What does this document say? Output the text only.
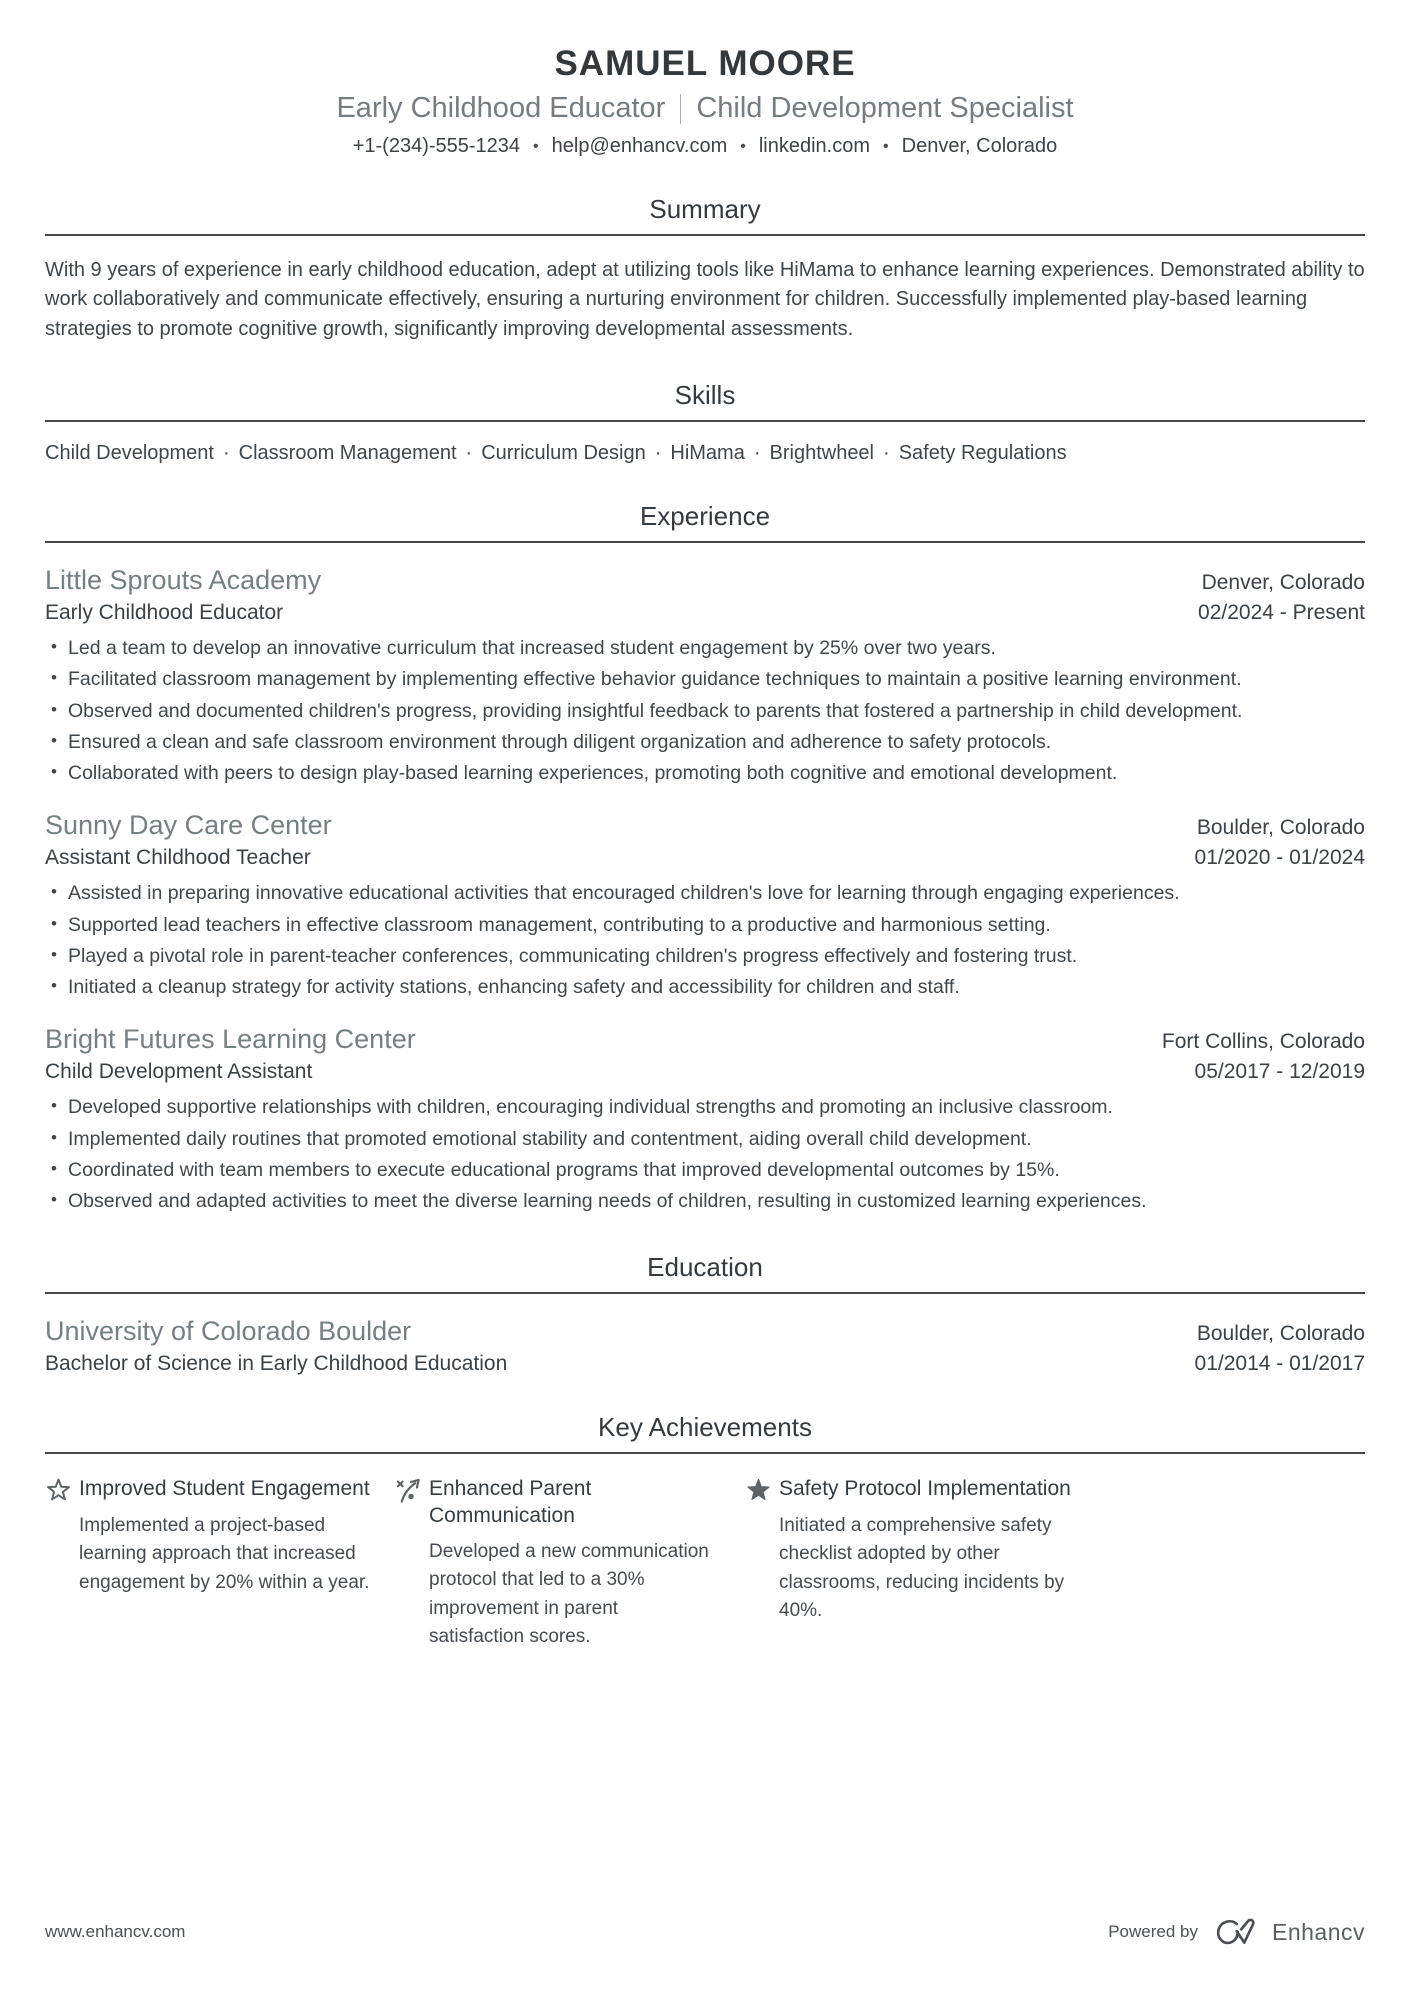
SAMUEL MOORE
Early Childhood Educator Child Development Specialist
+1-(234)-555-1234 • help@enhancv.com • linkedin.com • Denver, Colorado
Summary

With 9 years of experience in early childhood education, adept at utilizing tools like HiMama to enhance learning experiences. Demonstrated ability to work collaboratively and communicate effectively, ensuring a nurturing environment for children. Successfully implemented play-based learning strategies to promote cognitive growth, significantly improving developmental assessments.

Skills
Child Development · Classroom Management · Curriculum Design · HiMama · Brightwheel · Safety Regulations
Experience
Little Sprouts Academy	Denver, Colorado
Early Childhood Educator	02/2024 - Present
• Led a team to develop an innovative curriculum that increased student engagement by 25% over two years.
• Facilitated classroom management by implementing effective behavior guidance techniques to maintain a positive learning environment.
• Observed and documented children's progress, providing insightful feedback to parents that fostered a partnership in child development.
• Ensured a clean and safe classroom environment through diligent organization and adherence to safety protocols.
• Collaborated with peers to design play-based learning experiences, promoting both cognitive and emotional development.
Sunny Day Care Center	Boulder, Colorado
Assistant Childhood Teacher	01/2020 - 01/2024
• Assisted in preparing innovative educational activities that encouraged children's love for learning through engaging experiences.
• Supported lead teachers in effective classroom management, contributing to a productive and harmonious setting.
• Played a pivotal role in parent-teacher conferences, communicating children's progress effectively and fostering trust.
• Initiated a cleanup strategy for activity stations, enhancing safety and accessibility for children and staff.
Bright Futures Learning Center	Fort Collins, Colorado
Child Development Assistant	05/2017 - 12/2019
• Developed supportive relationships with children, encouraging individual strengths and promoting an inclusive classroom.
• Implemented daily routines that promoted emotional stability and contentment, aiding overall child development.
• Coordinated with team members to execute educational programs that improved developmental outcomes by 15%.
• Observed and adapted activities to meet the diverse learning needs of children, resulting in customized learning experiences.
Education
University of Colorado Boulder	Boulder, Colorado
Bachelor of Science in Early Childhood Education	01/2014 - 01/2017
Key Achievements
Improved Student Engagement
Implemented a project-based learning approach that increased engagement by 20% within a year.
Enhanced Parent Communication
Developed a new communication protocol that led to a 30% improvement in parent satisfaction scores.
Safety Protocol Implementation
Initiated a comprehensive safety checklist adopted by other classrooms, reducing incidents by 40%.
www.enhancv.com	Powered by	Enhancv
